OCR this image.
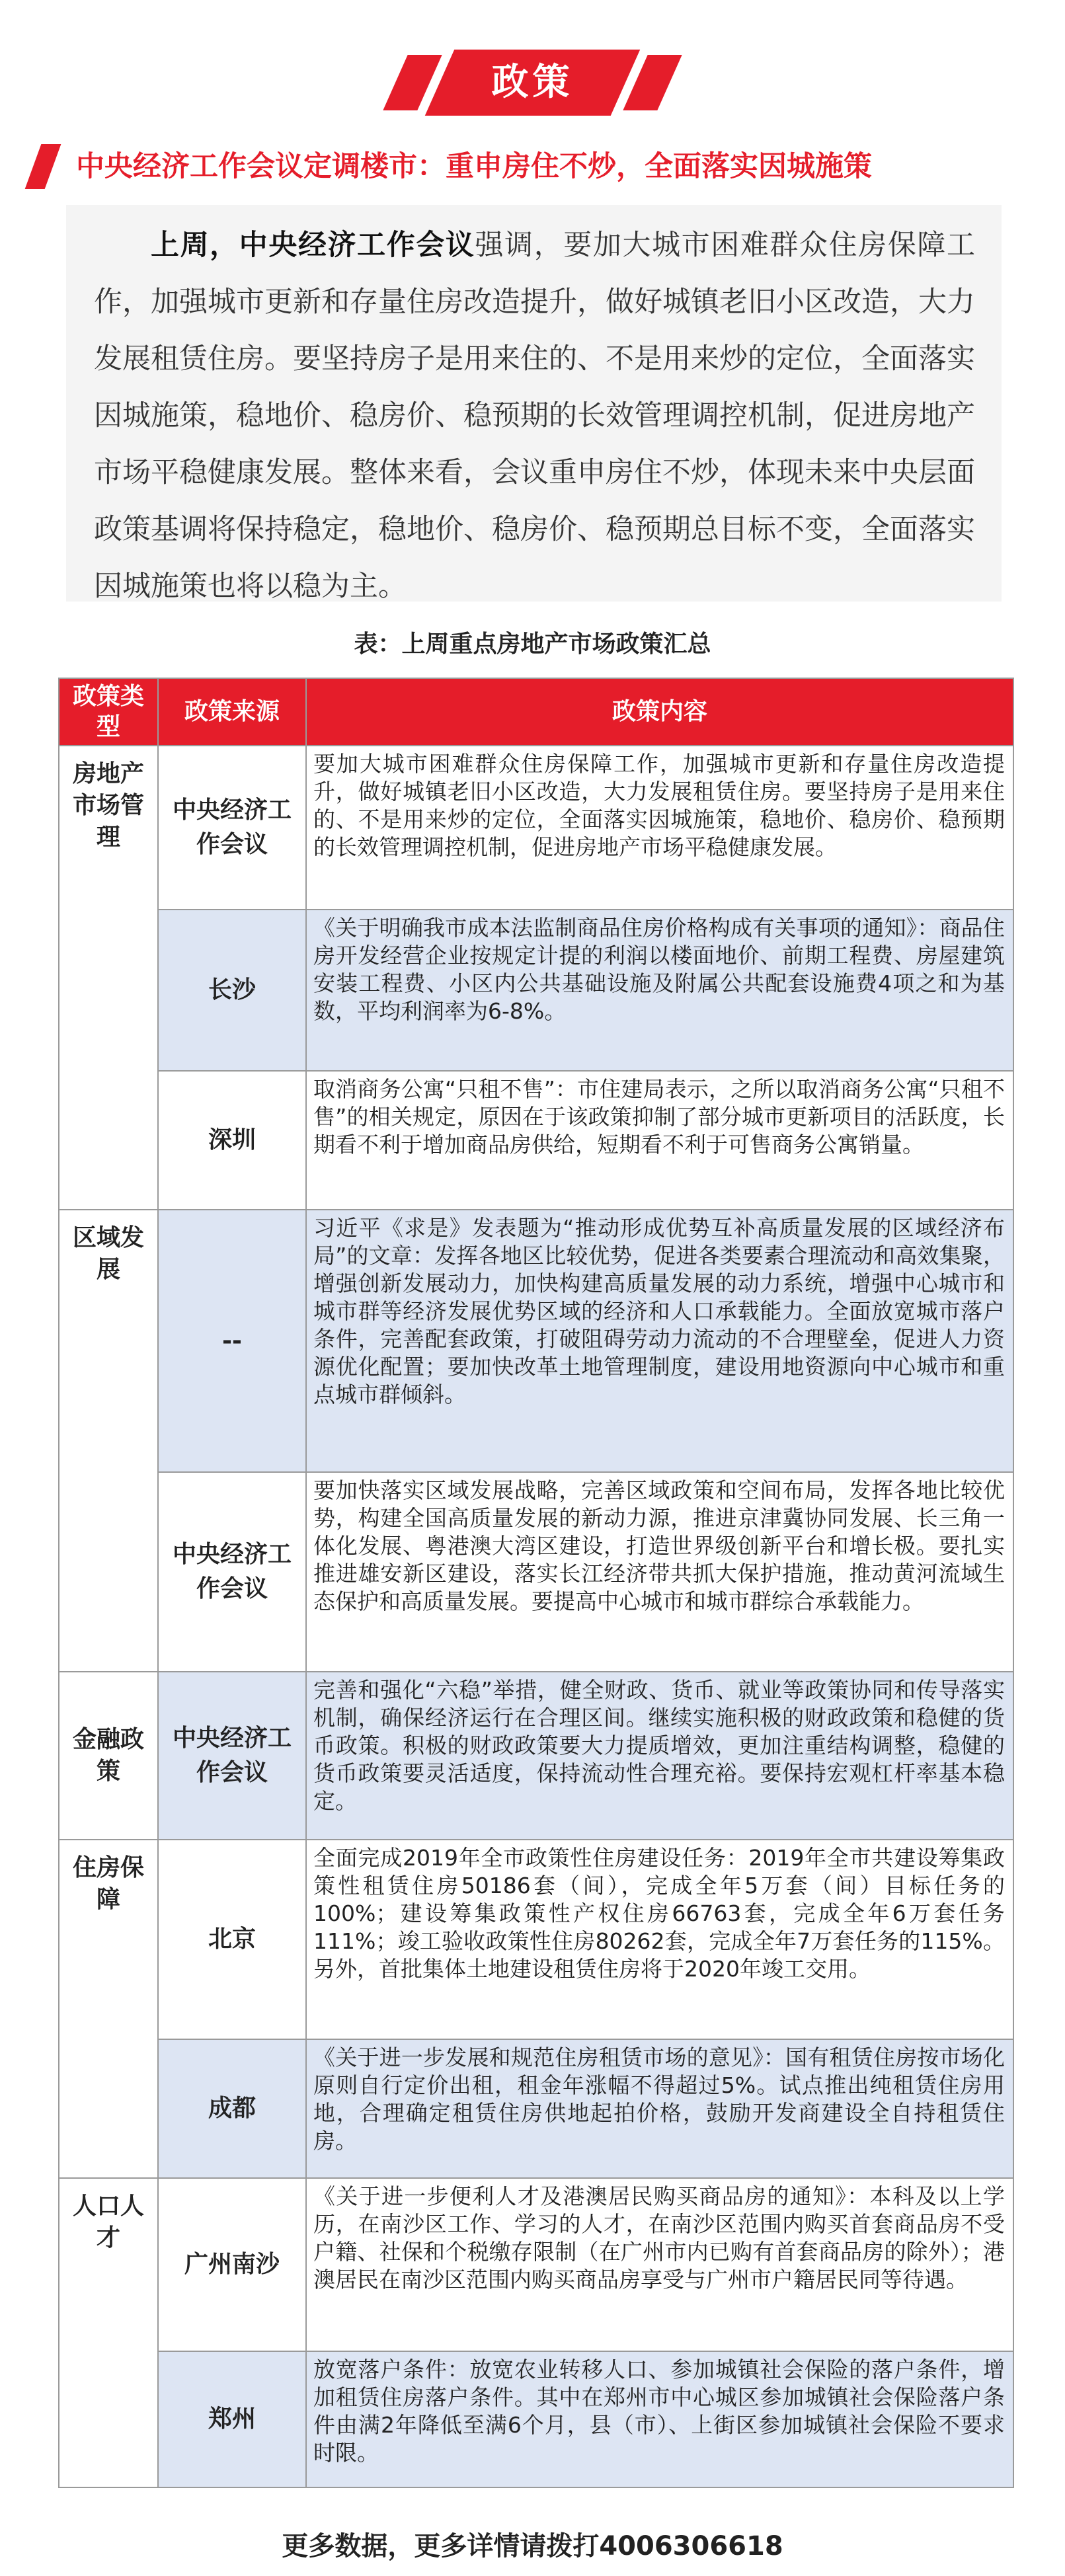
政策
中央经济工作会议定调楼市：重申房住不炒，全面落实因城施策

上周，中央经济工作会议强调，要加大城市困难群众住房保障工作，加强城市更新和存量住房改造提升，做好城镇老旧小区改造，大力发展租赁住房。要坚持房子是用来住的、不是用来炒的定位，全面落实因城施策，稳地价、稳房价、稳预期的长效管理调控机制，促进房地产市场平稳健康发展。整体来看，会议重申房住不炒，体现未来中央层面政策基调将保持稳定，稳地价、稳房价、稳预期总目标不变，全面落实因城施策也将以稳为主。

表：上周重点房地产市场政策汇总
政策类型	政策来源	政策内容
房地产市场管理	中央经济工作会议	要加大城市困难群众住房保障工作，加强城市更新和存量住房改造提升，做好城镇老旧小区改造，大力发展租赁住房。要坚持房子是用来住的、不是用来炒的定位，全面落实因城施策，稳地价、稳房价、稳预期的长效管理调控机制，促进房地产市场平稳健康发展。
	长沙	《关于明确我市成本法监制商品住房价格构成有关事项的通知》：商品住房开发经营企业按规定计提的利润以楼面地价、前期工程费、房屋建筑安装工程费、小区内公共基础设施及附属公共配套设施费4项之和为基数，平均利润率为6-8%。
	深圳	取消商务公寓“只租不售”：市住建局表示，之所以取消商务公寓“只租不售”的相关规定，原因在于该政策抑制了部分城市更新项目的活跃度，长期看不利于增加商品房供给，短期看不利于可售商务公寓销量。
区域发展	--	习近平《求是》发表题为“推动形成优势互补高质量发展的区域经济布局”的文章：发挥各地区比较优势，促进各类要素合理流动和高效集聚，增强创新发展动力，加快构建高质量发展的动力系统，增强中心城市和城市群等经济发展优势区域的经济和人口承载能力。全面放宽城市落户条件，完善配套政策，打破阻碍劳动力流动的不合理壁垒，促进人力资源优化配置；要加快改革土地管理制度，建设用地资源向中心城市和重点城市群倾斜。
	中央经济工作会议	要加快落实区域发展战略，完善区域政策和空间布局，发挥各地比较优势，构建全国高质量发展的新动力源，推进京津冀协同发展、长三角一体化发展、粤港澳大湾区建设，打造世界级创新平台和增长极。要扎实推进雄安新区建设，落实长江经济带共抓大保护措施，推动黄河流域生态保护和高质量发展。要提高中心城市和城市群综合承载能力。
金融政策	中央经济工作会议	完善和强化“六稳”举措，健全财政、货币、就业等政策协同和传导落实机制，确保经济运行在合理区间。继续实施积极的财政政策和稳健的货币政策。积极的财政政策要大力提质增效，更加注重结构调整，稳健的货币政策要灵活适度，保持流动性合理充裕。要保持宏观杠杆率基本稳定。
住房保障	北京	全面完成2019年全市政策性住房建设任务：2019年全市共建设筹集政策性租赁住房50186套（间），完成全年5万套（间）目标任务的100%；建设筹集政策性产权住房66763套，完成全年6万套任务111%；竣工验收政策性住房80262套，完成全年7万套任务的115%。另外，首批集体土地建设租赁住房将于2020年竣工交用。
	成都	《关于进一步发展和规范住房租赁市场的意见》：国有租赁住房按市场化原则自行定价出租，租金年涨幅不得超过5%。试点推出纯租赁住房用地，合理确定租赁住房供地起拍价格，鼓励开发商建设全自持租赁住房。
人口人才	广州南沙	《关于进一步便利人才及港澳居民购买商品房的通知》：本科及以上学历，在南沙区工作、学习的人才，在南沙区范围内购买首套商品房不受户籍、社保和个税缴存限制（在广州市内已购有首套商品房的除外）；港澳居民在南沙区范围内购买商品房享受与广州市户籍居民同等待遇。
	郑州	放宽落户条件：放宽农业转移人口、参加城镇社会保险的落户条件，增加租赁住房落户条件。其中在郑州市中心城区参加城镇社会保险落户条件由满2年降低至满6个月，县（市）、上街区参加城镇社会保险不要求时限。
更多数据，更多详情请拨打4006306618
